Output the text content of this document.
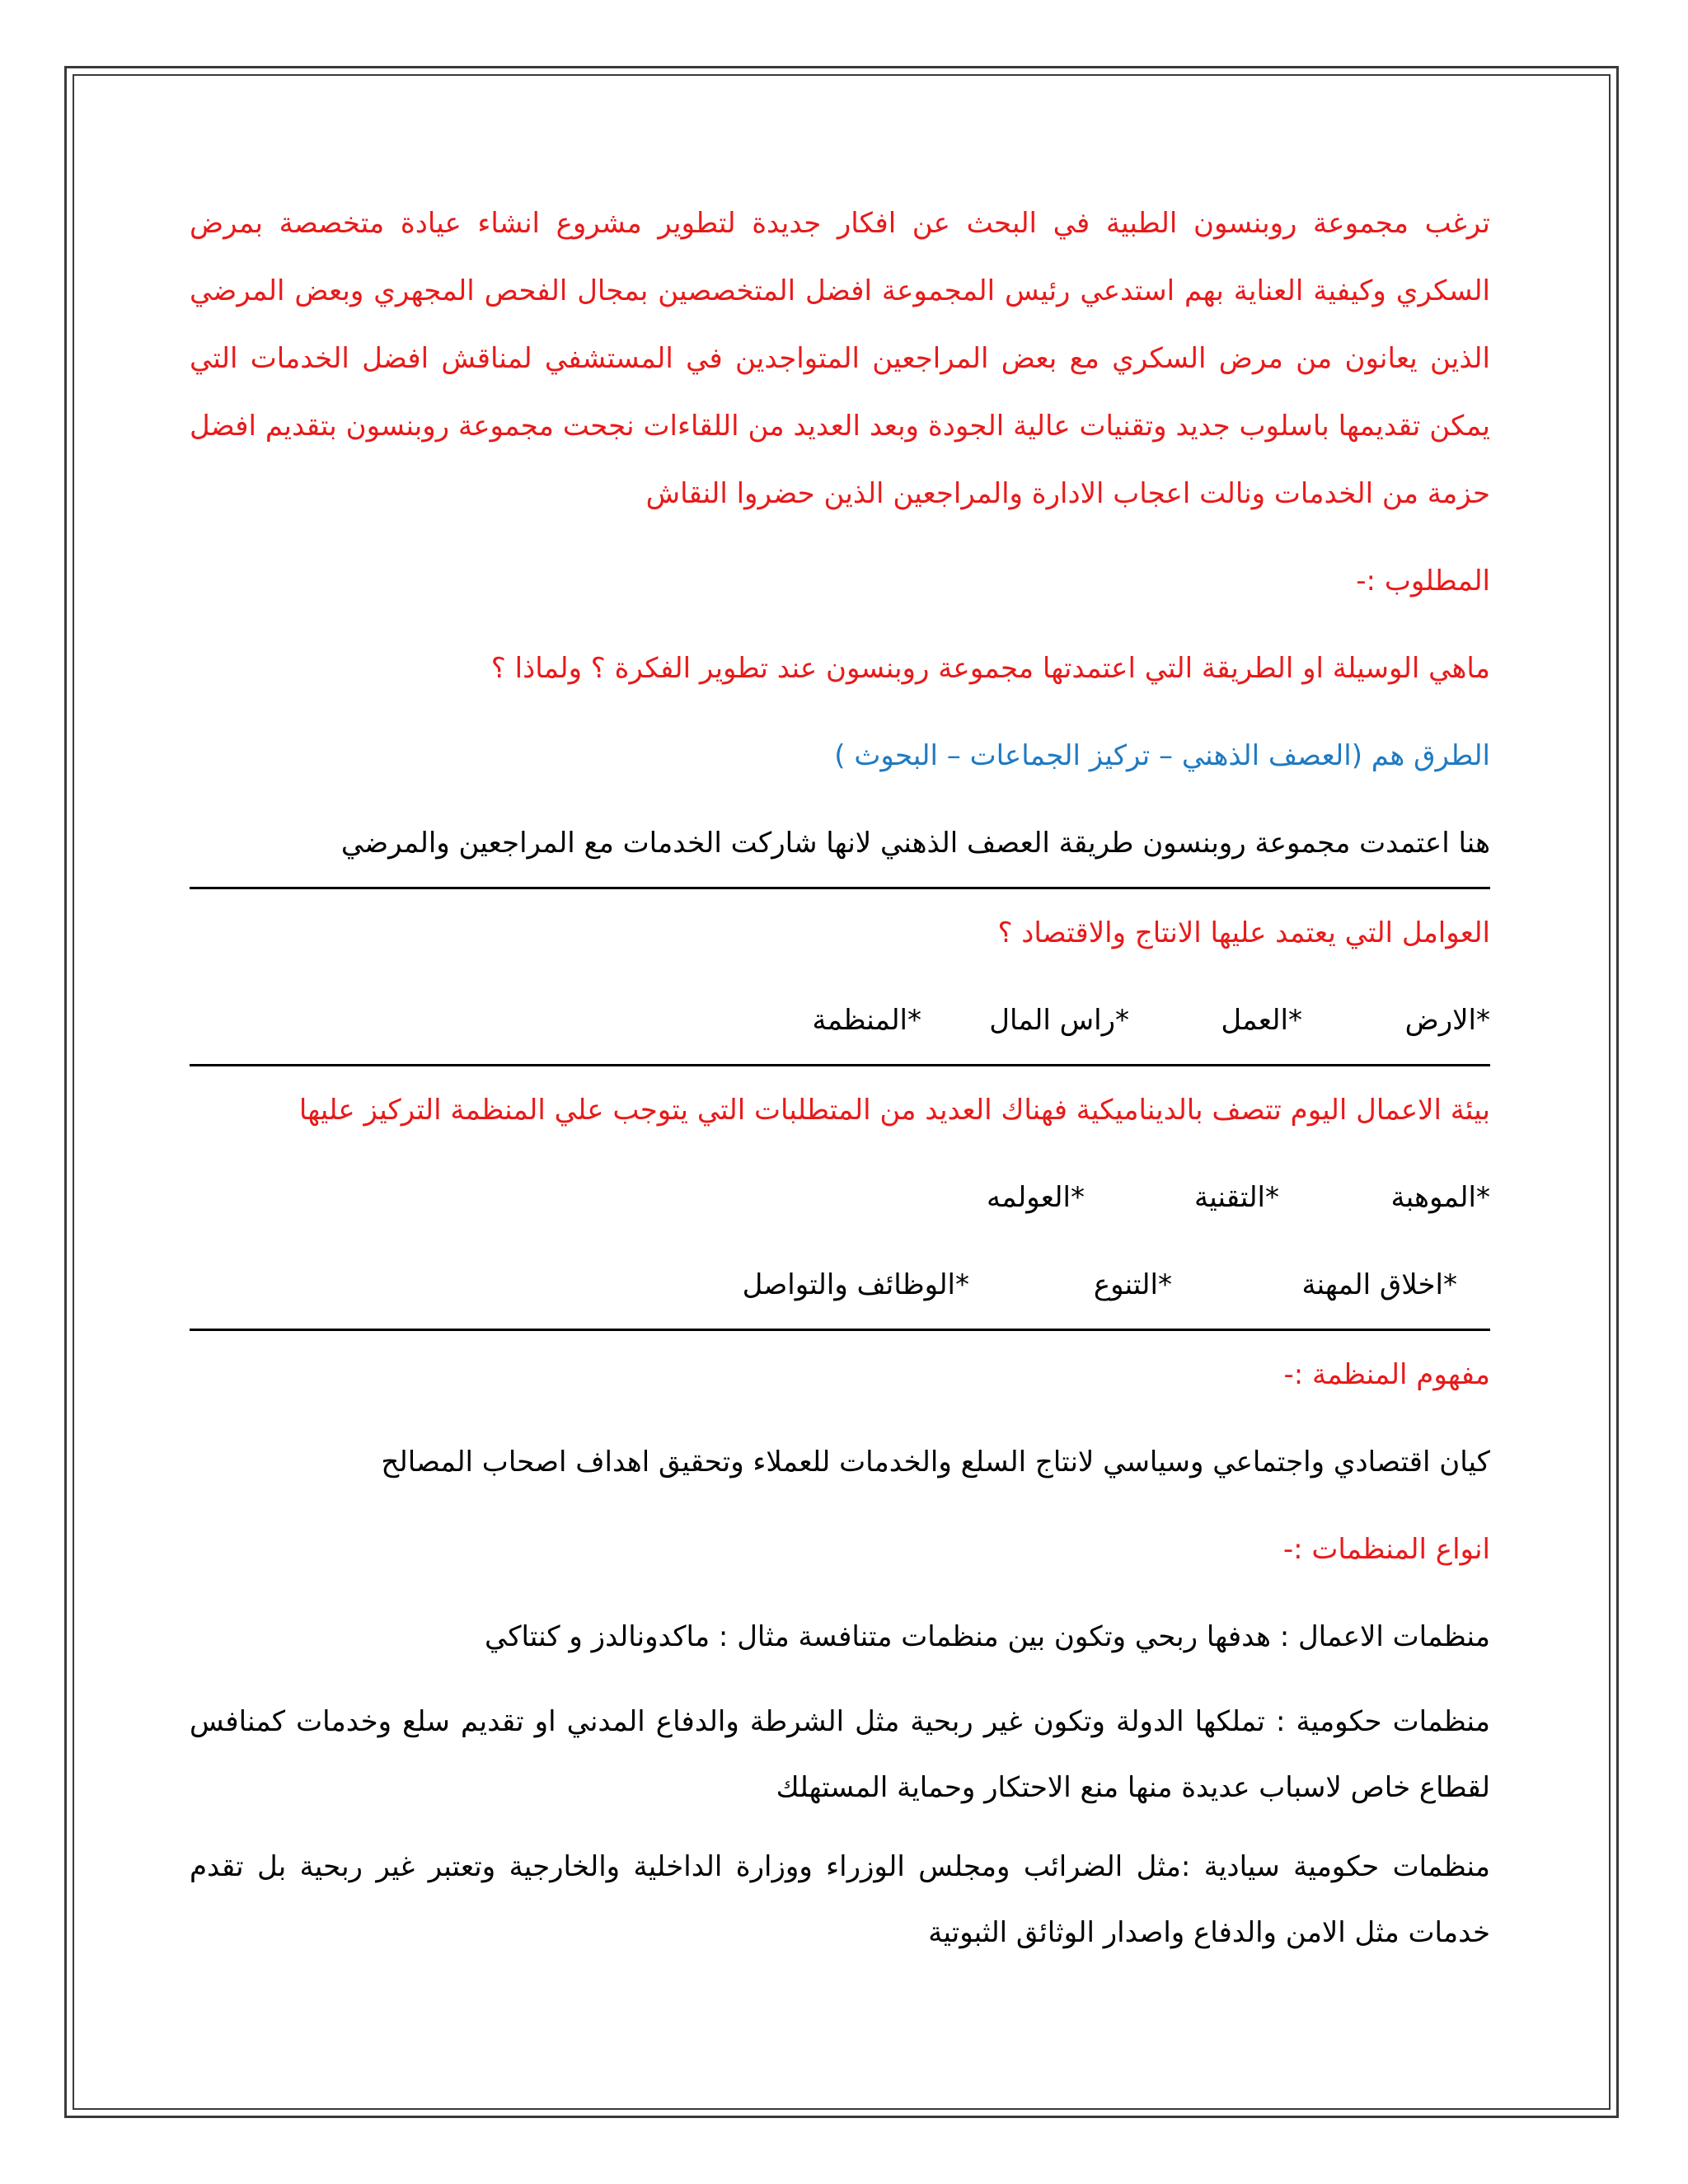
ترغب مجموعة روبنسون الطبية في البحث عن افكار جديدة لتطوير مشروع انشاء عيادة متخصصة بمرض السكري وكيفية العناية بهم استدعي رئيس المجموعة افضل المتخصصين بمجال الفحص المجهري وبعض المرضي الذين يعانون من مرض السكري مع بعض المراجعين المتواجدين في المستشفي لمناقش افضل الخدمات التي يمكن تقديمها باسلوب جديد وتقنيات عالية الجودة وبعد العديد من اللقاءات نجحت مجموعة روبنسون بتقديم افضل حزمة من الخدمات ونالت اعجاب الادارة والمراجعين الذين حضروا النقاش

المطلوب :-

ماهي الوسيلة او الطريقة التي اعتمدتها مجموعة روبنسون عند تطوير الفكرة ؟ ولماذا ؟

الطرق هم (العصف الذهني – تركيز الجماعات – البحوث )

هنا اعتمدت مجموعة روبنسون طريقة العصف الذهني لانها شاركت الخدمات مع المراجعين والمرضي

العوامل التي يعتمد عليها الانتاج والاقتصاد ؟

*الارض
*العمل
*راس المال
*المنظمة

بيئة الاعمال اليوم تتصف بالديناميكية فهناك العديد من المتطلبات التي يتوجب علي المنظمة التركيز عليها

*الموهبة
*التقنية
*العولمه
*اخلاق المهنة
*التنوع
*الوظائف والتواصل

مفهوم المنظمة :-

كيان اقتصادي واجتماعي وسياسي لانتاج السلع والخدمات للعملاء وتحقيق اهداف اصحاب المصالح

انواع المنظمات :-

منظمات الاعمال : هدفها ربحي وتكون بين منظمات متنافسة مثال : ماكدونالدز و كنتاكي

منظمات حكومية : تملكها الدولة وتكون غير ربحية مثل الشرطة والدفاع المدني او تقديم سلع وخدمات كمنافس لقطاع خاص لاسباب عديدة منها منع الاحتكار وحماية المستهلك

منظمات حكومية سيادية :مثل الضرائب ومجلس الوزراء ووزارة الداخلية والخارجية وتعتبر غير ربحية بل تقدم خدمات مثل الامن والدفاع واصدار الوثائق الثبوتية
